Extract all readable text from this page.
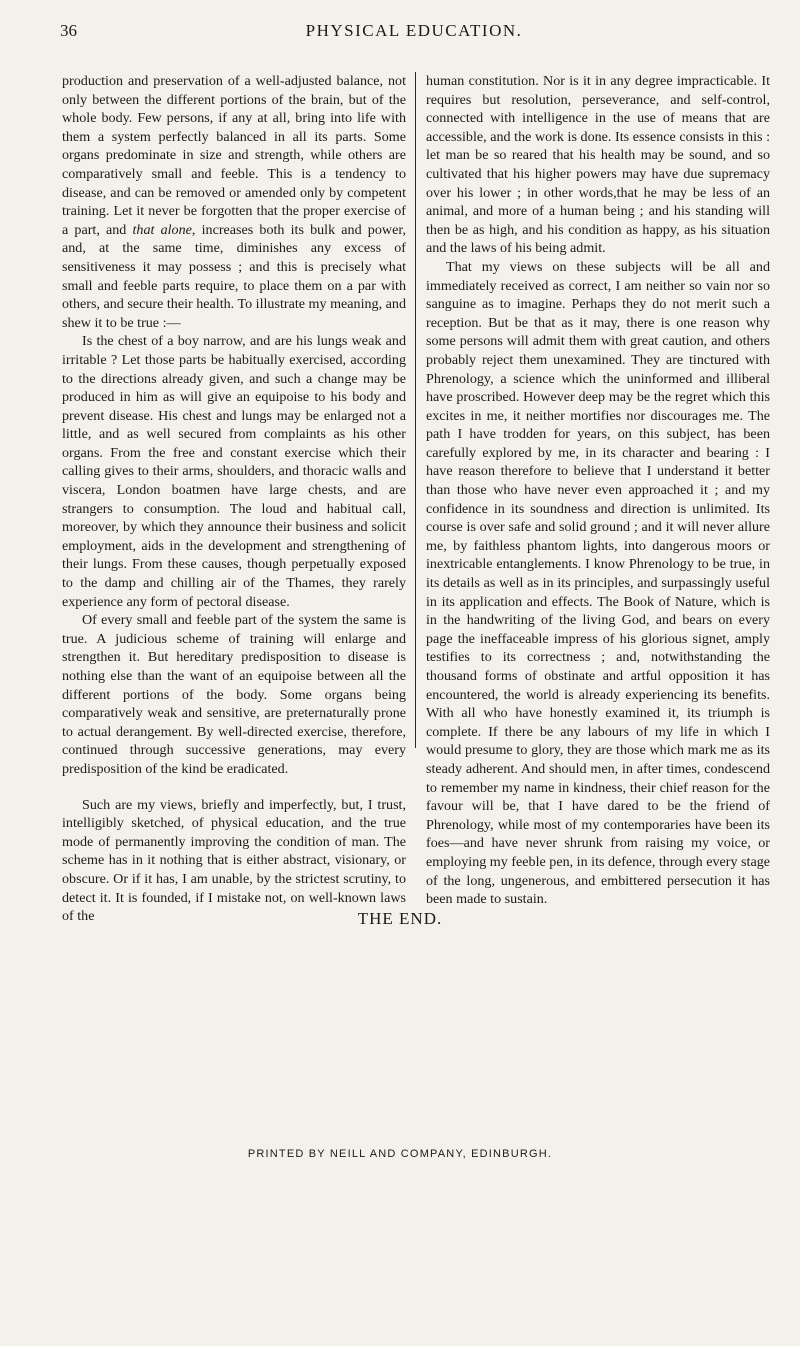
36	PHYSICAL EDUCATION.

production and preservation of a well-adjusted balance, not only between the different portions of the brain, but of the whole body. Few persons, if any at all, bring into life with them a system perfectly balanced in all its parts. Some organs predominate in size and strength, while others are comparatively small and feeble. This is a tendency to disease, and can be removed or amended only by competent training. Let it never be forgotten that the proper exercise of a part, and that alone, increases both its bulk and power, and, at the same time, diminishes any excess of sensitiveness it may possess ; and this is precisely what small and feeble parts require, to place them on a par with others, and secure their health. To illustrate my meaning, and shew it to be true :—

Is the chest of a boy narrow, and are his lungs weak and irritable ? Let those parts be habitually exercised, according to the directions already given, and such a change may be produced in him as will give an equipoise to his body and prevent disease. His chest and lungs may be enlarged not a little, and as well secured from complaints as his other organs. From the free and constant exercise which their calling gives to their arms, shoulders, and thoracic walls and viscera, London boatmen have large chests, and are strangers to consumption. The loud and habitual call, moreover, by which they announce their business and solicit employment, aids in the development and strengthening of their lungs. From these causes, though perpetually exposed to the damp and chilling air of the Thames, they rarely experience any form of pectoral disease.

Of every small and feeble part of the system the same is true. A judicious scheme of training will enlarge and strengthen it. But hereditary predisposition to disease is nothing else than the want of an equipoise between all the different portions of the body. Some organs being comparatively weak and sensitive, are preternaturally prone to actual derangement. By well-directed exercise, therefore, continued through successive generations, may every predisposition of the kind be eradicated.

Such are my views, briefly and imperfectly, but, I trust, intelligibly sketched, of physical education, and the true mode of permanently improving the condition of man. The scheme has in it nothing that is either abstract, visionary, or obscure. Or if it has, I am unable, by the strictest scrutiny, to detect it. It is founded, if I mistake not, on well-known laws of the

human constitution. Nor is it in any degree impracticable. It requires but resolution, perseverance, and self-control, connected with intelligence in the use of means that are accessible, and the work is done. Its essence consists in this : let man be so reared that his health may be sound, and so cultivated that his higher powers may have due supremacy over his lower ; in other words,that he may be less of an animal, and more of a human being ; and his standing will then be as high, and his condition as happy, as his situation and the laws of his being admit.

That my views on these subjects will be all and immediately received as correct, I am neither so vain nor so sanguine as to imagine. Perhaps they do not merit such a reception. But be that as it may, there is one reason why some persons will admit them with great caution, and others probably reject them unexamined. They are tinctured with Phrenology, a science which the uninformed and illiberal have proscribed. However deep may be the regret which this excites in me, it neither mortifies nor discourages me. The path I have trodden for years, on this subject, has been carefully explored by me, in its character and bearing : I have reason therefore to believe that I understand it better than those who have never even approached it ; and my confidence in its soundness and direction is unlimited. Its course is over safe and solid ground ; and it will never allure me, by faithless phantom lights, into dangerous moors or inextricable entanglements. I know Phrenology to be true, in its details as well as in its principles, and surpassingly useful in its application and effects. The Book of Nature, which is in the handwriting of the living God, and bears on every page the ineffaceable impress of his glorious signet, amply testifies to its correctness ; and, notwithstanding the thousand forms of obstinate and artful opposition it has encountered, the world is already experiencing its benefits. With all who have honestly examined it, its triumph is complete. If there be any labours of my life in which I would presume to glory, they are those which mark me as its steady adherent. And should men, in after times, condescend to remember my name in kindness, their chief reason for the favour will be, that I have dared to be the friend of Phrenology, while most of my contemporaries have been its foes—and have never shrunk from raising my voice, or employing my feeble pen, in its defence, through every stage of the long, ungenerous, and embittered persecution it has been made to sustain.

THE END.
PRINTED BY NEILL AND COMPANY, EDINBURGH.
